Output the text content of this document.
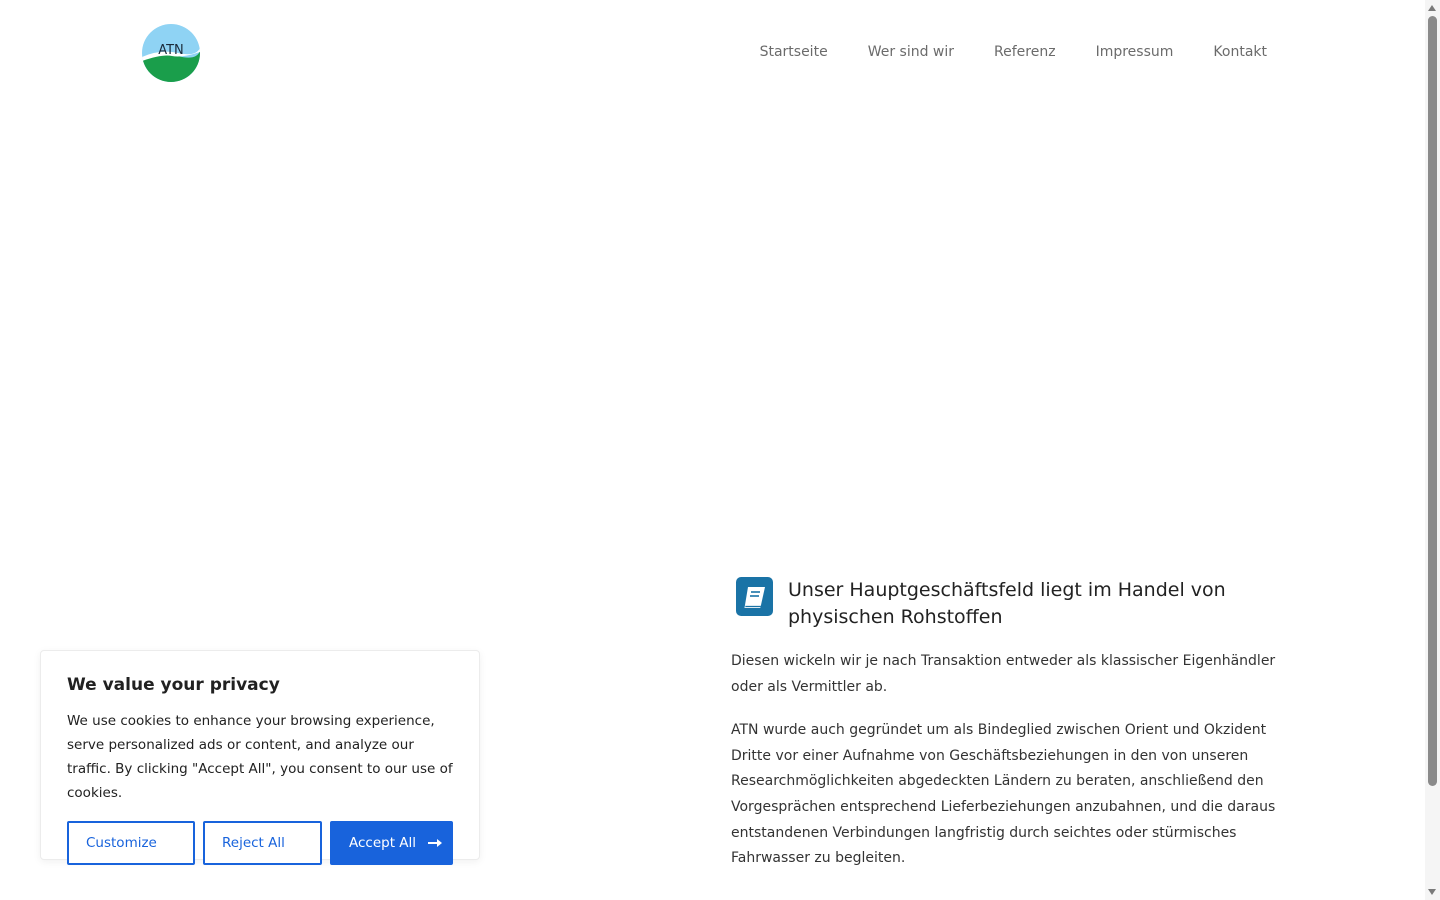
ATN	Startseite	Wer sind wir	Referenz	Impressum	Kontakt
Unser Hauptgeschäftsfeld liegt im Handel von physischen Rohstoffen

Diesen wickeln wir je nach Transaktion entweder als klassischer Eigenhändler oder als Vermittler ab.

ATN wurde auch gegründet um als Bindeglied zwischen Orient und Okzident Dritte vor einer Aufnahme von Geschäftsbeziehungen in den von unseren Researchmöglichkeiten abgedeckten Ländern zu beraten, anschließend den Vorgesprächen entsprechend Lieferbeziehungen anzubahnen, und die daraus entstandenen Verbindungen langfristig durch seichtes oder stürmisches Fahrwasser zu begleiten.

We value your privacy

We use cookies to enhance your browsing experience, serve personalized ads or content, and analyze our traffic. By clicking "Accept All", you consent to our use of cookies.

Customize	Reject All	Accept All
